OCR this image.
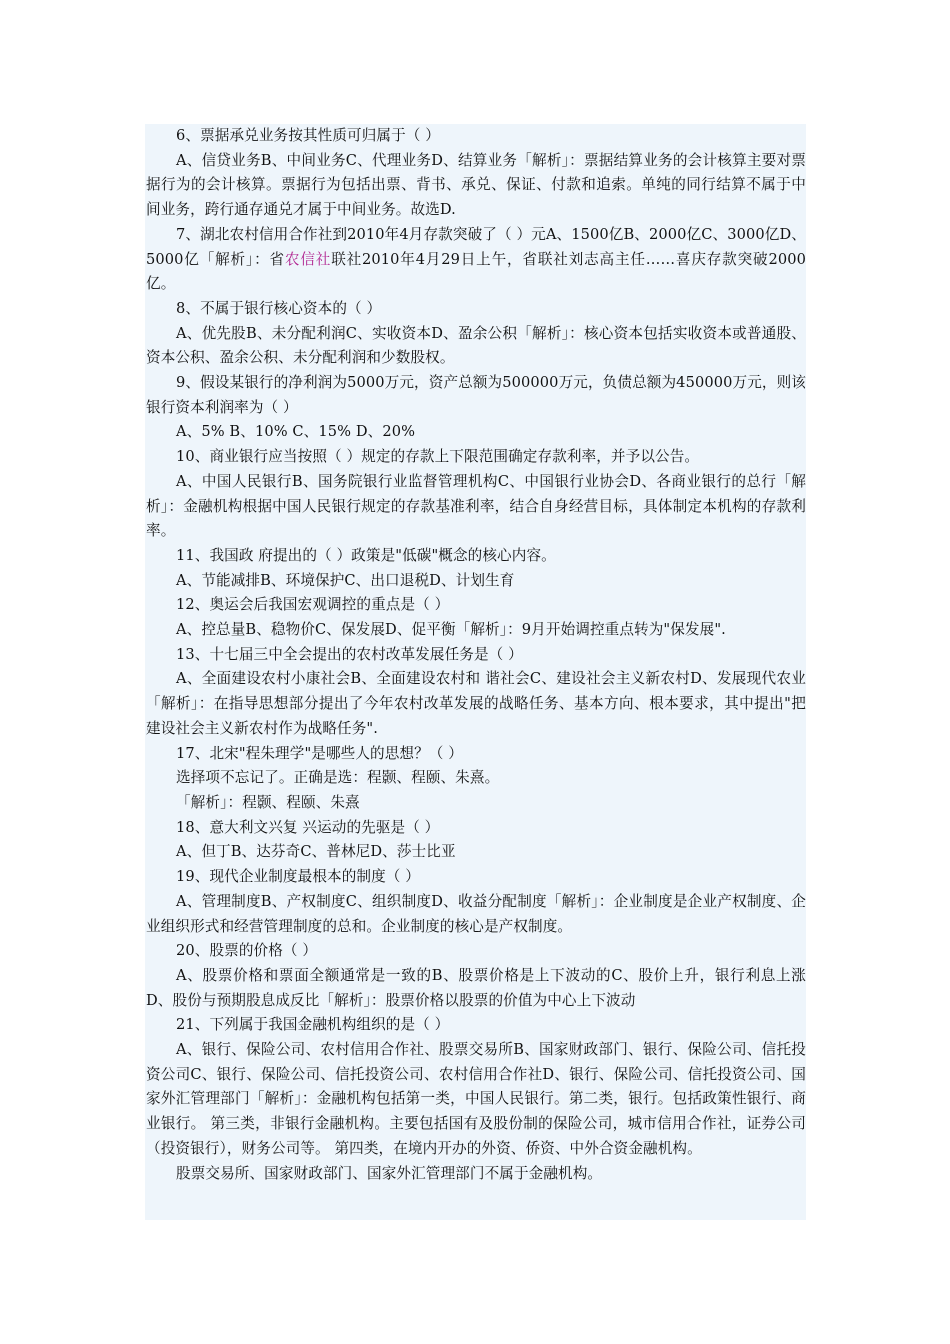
6、票据承兑业务按其性质可归属于（ ）

A、信贷业务B、中间业务C、代理业务D、结算业务「解析」：票据结算业务的会计核算主要对票据行为的会计核算。票据行为包括出票、背书、承兑、保证、付款和追索。单纯的同行结算不属于中间业务，跨行通存通兑才属于中间业务。故选D.

7、湖北农村信用合作社到2010年4月存款突破了（ ）元A、1500亿B、2000亿C、3000亿D、5000亿「解析」：省农信社联社2010年4月29日上午，省联社刘志高主任……喜庆存款突破2000亿。

8、不属于银行核心资本的（ ）

A、优先股B、未分配利润C、实收资本D、盈余公积「解析」：核心资本包括实收资本或普通股、资本公积、盈余公积、未分配利润和少数股权。

9、假设某银行的净利润为5000万元，资产总额为500000万元，负债总额为450000万元，则该银行资本利润率为（ ）

A、5% B、10% C、15% D、20%

10、商业银行应当按照（ ）规定的存款上下限范围确定存款利率，并予以公告。

A、中国人民银行B、国务院银行业监督管理机构C、中国银行业协会D、各商业银行的总行「解析」：金融机构根据中国人民银行规定的存款基准利率，结合自身经营目标，具体制定本机构的存款利率。

11、我国政 府提出的（ ）政策是"低碳"概念的核心内容。

A、节能减排B、环境保护C、出口退税D、计划生育

12、奥运会后我国宏观调控的重点是（ ）

A、控总量B、稳物价C、保发展D、促平衡「解析」：9月开始调控重点转为"保发展".

13、十七届三中全会提出的农村改革发展任务是（ ）

A、全面建设农村小康社会B、全面建设农村和 谐社会C、建设社会主义新农村D、发展现代农业「解析」：在指导思想部分提出了今年农村改革发展的战略任务、基本方向、根本要求，其中提出"把建设社会主义新农村作为战略任务".

17、北宋"程朱理学"是哪些人的思想？（ ）

选择项不忘记了。正确是选：程颢、程颐、朱熹。

「解析」：程颢、程颐、朱熹

18、意大利文兴复 兴运动的先驱是（ ）

A、但丁B、达芬奇C、普林尼D、莎士比亚

19、现代企业制度最根本的制度（ ）

A、管理制度B、产权制度C、组织制度D、收益分配制度「解析」：企业制度是企业产权制度、企业组织形式和经营管理制度的总和。企业制度的核心是产权制度。

20、股票的价格（ ）

A、股票价格和票面全额通常是一致的B、股票价格是上下波动的C、股价上升，银行利息上涨D、股份与预期股息成反比「解析」：股票价格以股票的价值为中心上下波动

21、下列属于我国金融机构组织的是（ ）

A、银行、保险公司、农村信用合作社、股票交易所B、国家财政部门、银行、保险公司、信托投资公司C、银行、保险公司、信托投资公司、农村信用合作社D、银行、保险公司、信托投资公司、国家外汇管理部门「解析」：金融机构包括第一类，中国人民银行。第二类，银行。包括政策性银行、商业银行。 第三类，非银行金融机构。主要包括国有及股份制的保险公司，城市信用合作社，证券公司（投资银行），财务公司等。 第四类，在境内开办的外资、侨资、中外合资金融机构。

股票交易所、国家财政部门、国家外汇管理部门不属于金融机构。
